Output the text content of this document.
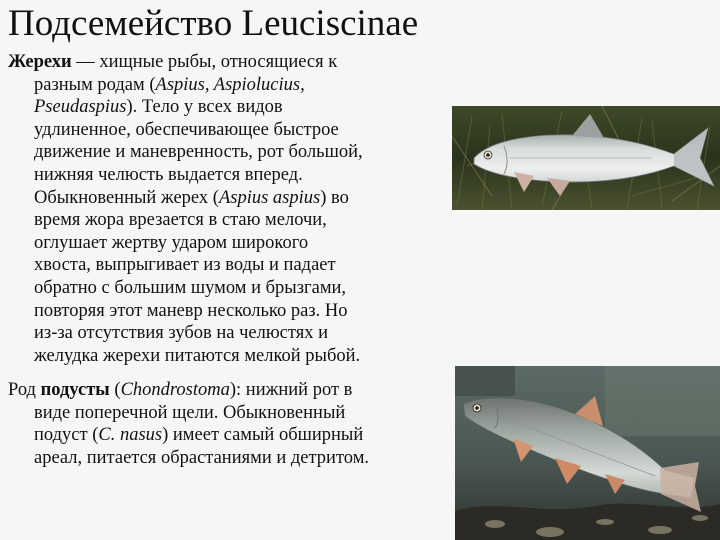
Подсемейство Leuciscinae
Жерехи — хищные рыбы, относящиеся к
разным родам (Aspius, Aspiolucius,
Pseudaspius). Тело у всех видов
удлиненное, обеспечивающее быстрое
движение и маневренность, рот большой,
нижняя челюсть выдается вперед.
Обыкновенный жерех (Aspius aspius) во
время жора врезается в стаю мелочи,
оглушает жертву ударом широкого
хвоста, выпрыгивает из воды и падает
обратно с большим шумом и брызгами,
повторяя этот маневр несколько раз. Но
из-за отсутствия зубов на челюстях и
желудка жерехи питаются мелкой рыбой.
Род подусты (Chondrostoma): нижний рот в
виде поперечной щели. Обыкновенный
подуст (C. nasus) имеет самый обширный
ареал, питается обрастаниями и детритом.
